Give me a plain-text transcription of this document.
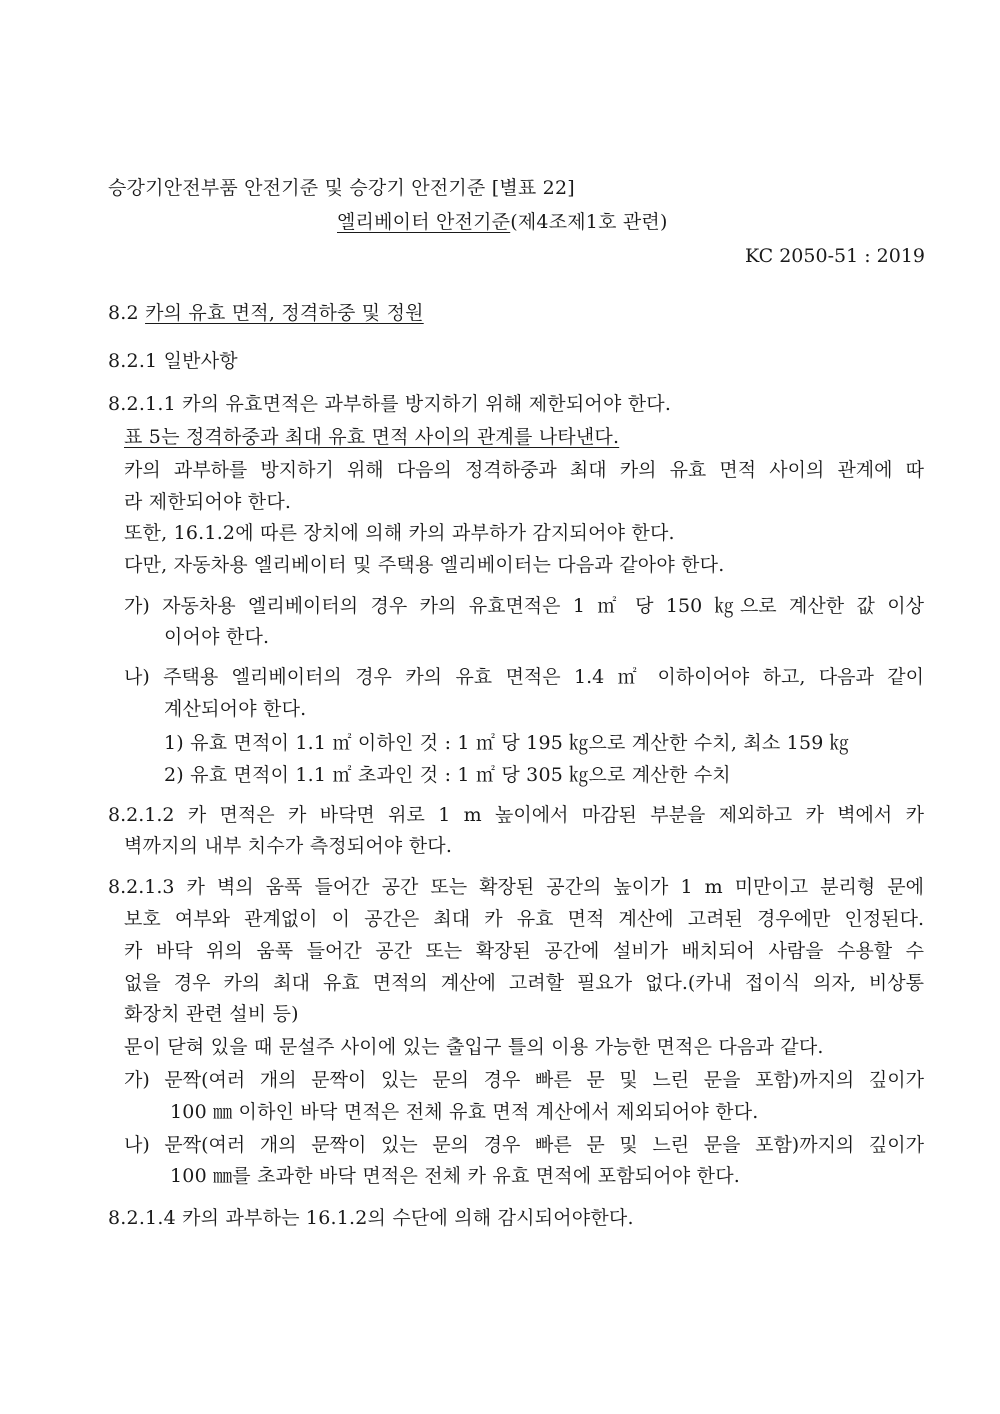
승강기안전부품 안전기준 및 승강기 안전기준 [별표 22]
엘리베이터 안전기준(제4조제1호 관련)
KC 2050-51 : 2019
8.2 카의 유효 면적, 정격하중 및 정원
8.2.1 일반사항
8.2.1.1 카의 유효면적은 과부하를 방지하기 위해 제한되어야 한다.
표 5는 정격하중과 최대 유효 면적 사이의 관계를 나타낸다.
카의 과부하를 방지하기 위해 다음의 정격하중과 최대 카의 유효 면적 사이의 관계에 따
라 제한되어야 한다.
또한, 16.1.2에 따른 장치에 의해 카의 과부하가 감지되어야 한다.
다만, 자동차용 엘리베이터 및 주택용 엘리베이터는 다음과 같아야 한다.
가) 자동차용 엘리베이터의 경우 카의 유효면적은 1 ㎡ 당 150 ㎏으로 계산한 값 이상
이어야 한다.
나) 주택용 엘리베이터의 경우 카의 유효 면적은 1.4 ㎡ 이하이어야 하고, 다음과 같이
계산되어야 한다.
1) 유효 면적이 1.1 ㎡ 이하인 것 : 1 ㎡ 당 195 ㎏으로 계산한 수치, 최소 159 ㎏
2) 유효 면적이 1.1 ㎡ 초과인 것 : 1 ㎡ 당 305 ㎏으로 계산한 수치
8.2.1.2 카 면적은 카 바닥면 위로 1 m 높이에서 마감된 부분을 제외하고 카 벽에서 카
벽까지의 내부 치수가 측정되어야 한다.
8.2.1.3 카 벽의 움푹 들어간 공간 또는 확장된 공간의 높이가 1 m 미만이고 분리형 문에
보호 여부와 관계없이 이 공간은 최대 카 유효 면적 계산에 고려된 경우에만 인정된다.
카 바닥 위의 움푹 들어간 공간 또는 확장된 공간에 설비가 배치되어 사람을 수용할 수
없을 경우 카의 최대 유효 면적의 계산에 고려할 필요가 없다.(카내 접이식 의자, 비상통
화장치 관련 설비 등)
문이 닫혀 있을 때 문설주 사이에 있는 출입구 틀의 이용 가능한 면적은 다음과 같다.
가) 문짝(여러 개의 문짝이 있는 문의 경우 빠른 문 및 느린 문을 포함)까지의 깊이가
100 ㎜ 이하인 바닥 면적은 전체 유효 면적 계산에서 제외되어야 한다.
나) 문짝(여러 개의 문짝이 있는 문의 경우 빠른 문 및 느린 문을 포함)까지의 깊이가
100 ㎜를 초과한 바닥 면적은 전체 카 유효 면적에 포함되어야 한다.
8.2.1.4 카의 과부하는 16.1.2의 수단에 의해 감시되어야한다.
